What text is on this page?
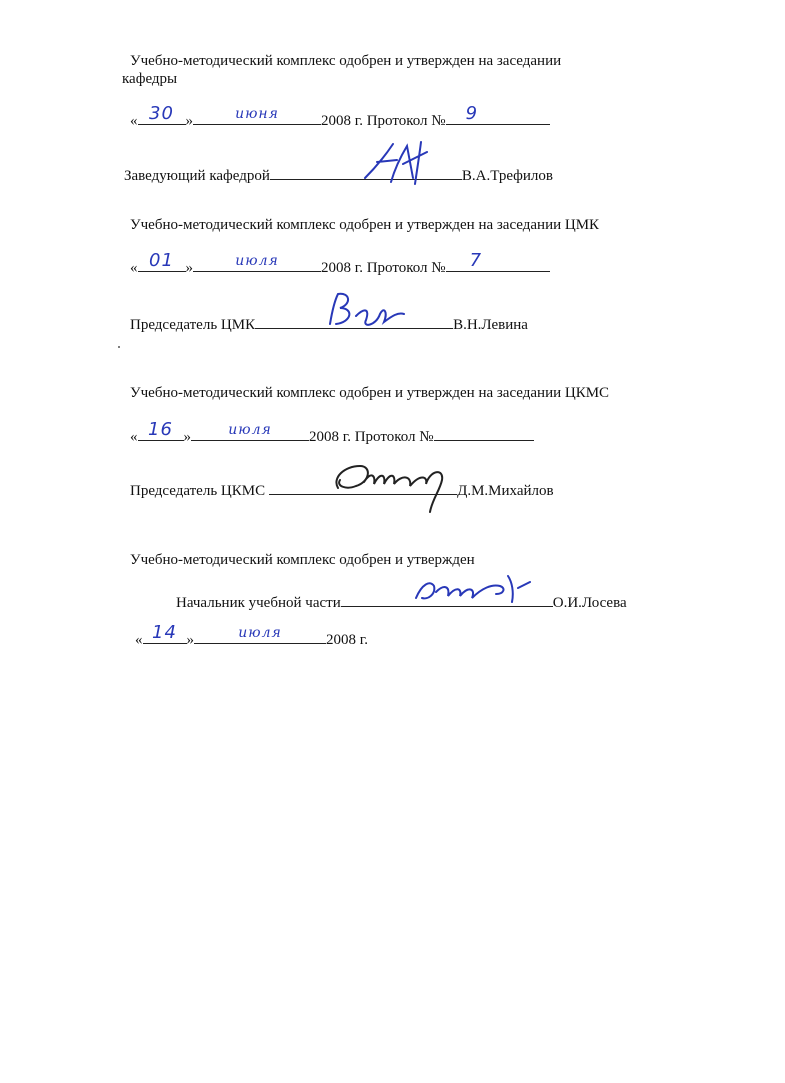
Учебно-методический комплекс одобрен и утвержден на заседании
кафедры
« 30 »	июня	2008 г. Протокол № 9
Заведующий кафедрой	В.А.Трефилов
Учебно-методический комплекс одобрен и утвержден на заседании ЦМК
« 01 »	июля	2008 г. Протокол № 7
Председатель ЦМК	В.Н.Левина
Учебно-методический комплекс одобрен и утвержден на заседании ЦКМС
« 16 »	июля	2008 г. Протокол №
Председатель ЦКМС	Д.М.Михайлов
Учебно-методический комплекс одобрен и утвержден
Начальник учебной части	О.И.Лосева
« 14 »	июля	2008 г.
